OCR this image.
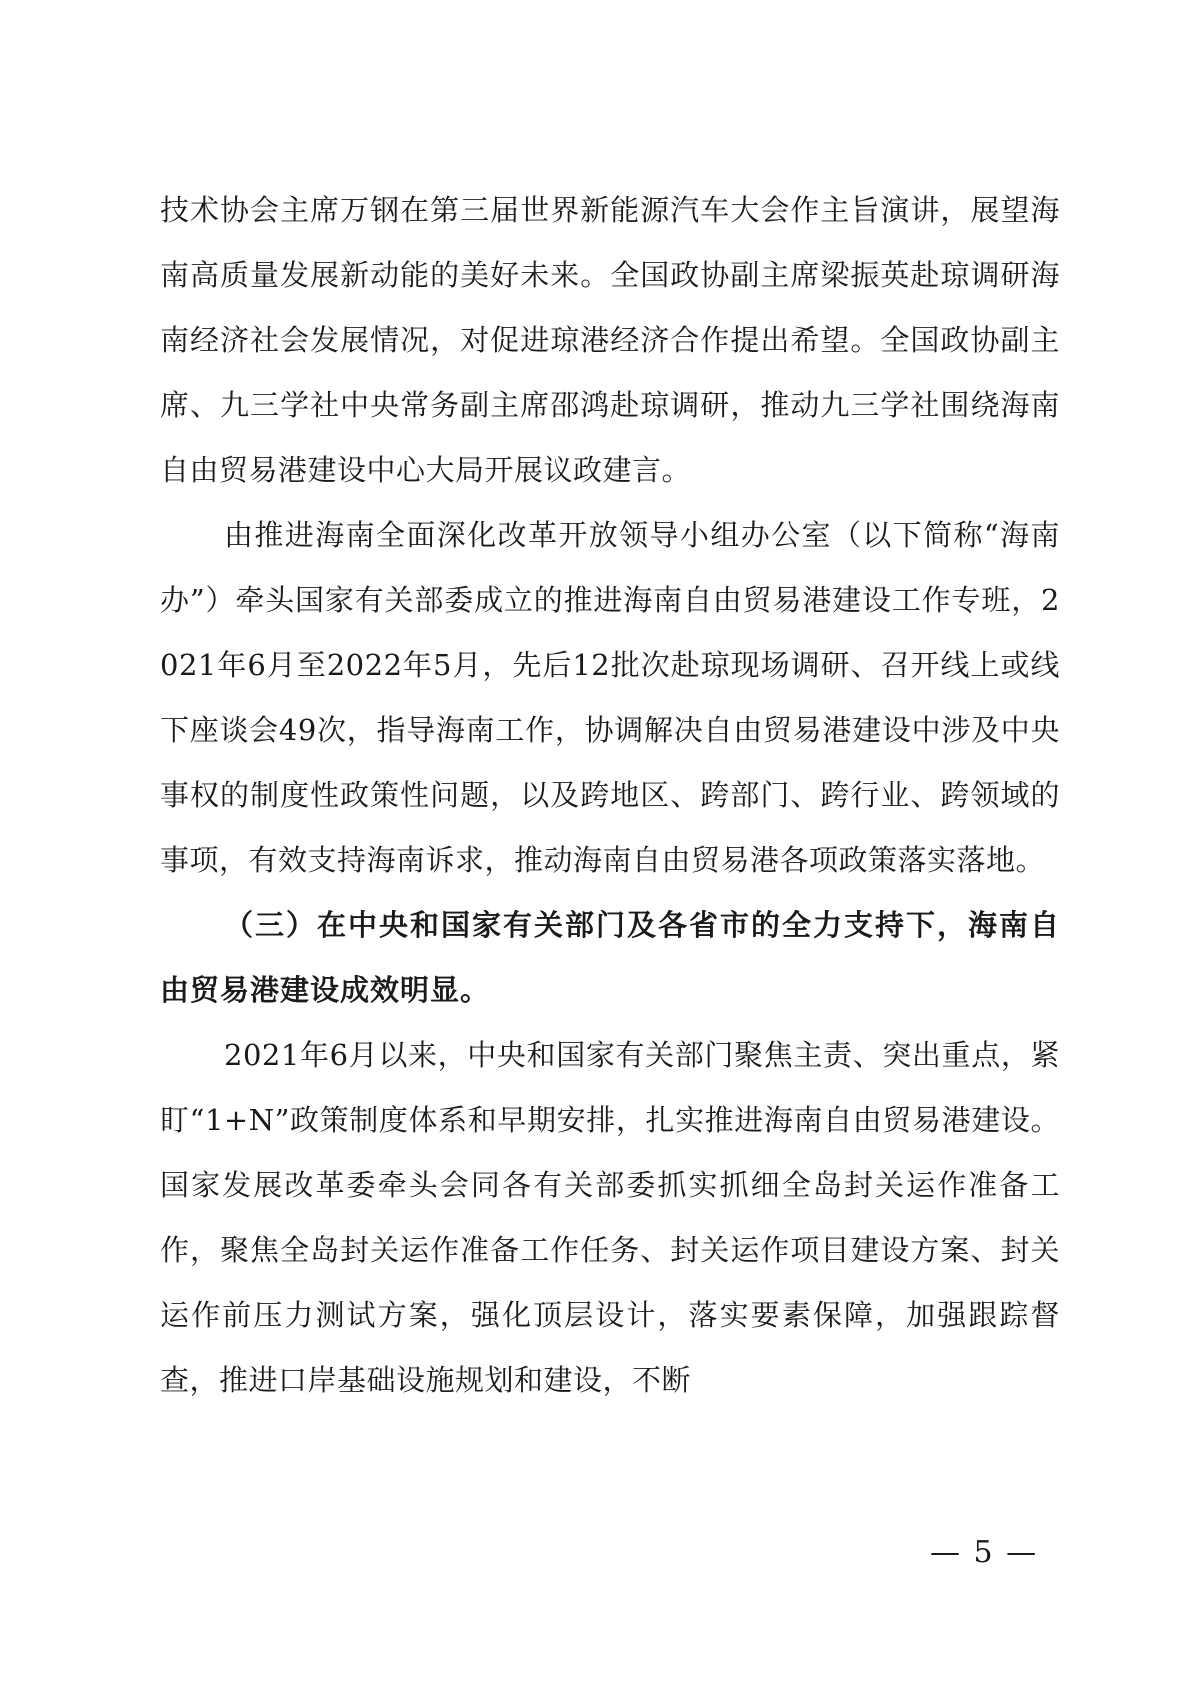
技术协会主席万钢在第三届世界新能源汽车大会作主旨演讲，展望海南高质量发展新动能的美好未来。全国政协副主席梁振英赴琼调研海南经济社会发展情况，对促进琼港经济合作提出希望。全国政协副主席、九三学社中央常务副主席邵鸿赴琼调研，推动九三学社围绕海南自由贸易港建设中心大局开展议政建言。

由推进海南全面深化改革开放领导小组办公室（以下简称“海南办”）牵头国家有关部委成立的推进海南自由贸易港建设工作专班，2021年6月至2022年5月，先后12批次赴琼现场调研、召开线上或线下座谈会49次，指导海南工作，协调解决自由贸易港建设中涉及中央事权的制度性政策性问题，以及跨地区、跨部门、跨行业、跨领域的事项，有效支持海南诉求，推动海南自由贸易港各项政策落实落地。

（三）在中央和国家有关部门及各省市的全力支持下，海南自由贸易港建设成效明显。

2021年6月以来，中央和国家有关部门聚焦主责、突出重点，紧盯“1+N”政策制度体系和早期安排，扎实推进海南自由贸易港建设。国家发展改革委牵头会同各有关部委抓实抓细全岛封关运作准备工作，聚焦全岛封关运作准备工作任务、封关运作项目建设方案、封关运作前压力测试方案，强化顶层设计，落实要素保障，加强跟踪督查，推进口岸基础设施规划和建设，不断

— 5 —
